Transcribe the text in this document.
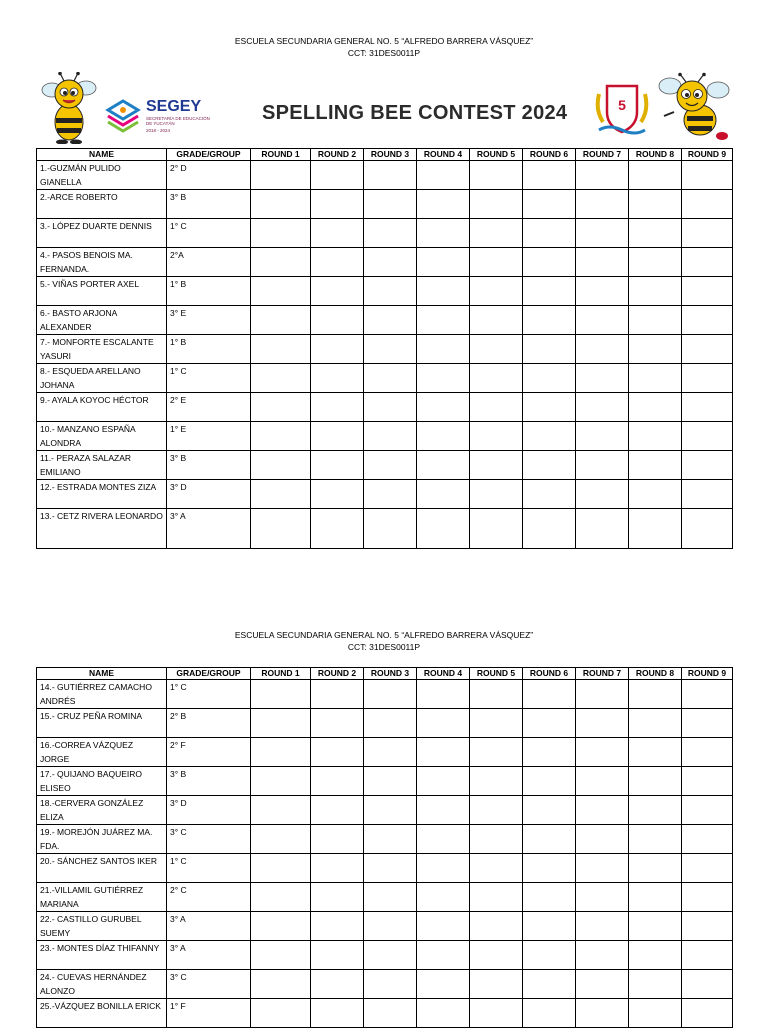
ESCUELA SECUNDARIA GENERAL NO. 5 “ALFREDO BARRERA VÁSQUEZ”
CCT: 31DES0011P
SEGEY
SECRETARÍA DE EDUCACIÓN DE YUCATÁN
2018 - 2024
SPELLING BEE CONTEST 2024	5
NAME	GRADE/GROUP	ROUND 1	ROUND 2	ROUND 3	ROUND 4	ROUND 5	ROUND 6	ROUND 7	ROUND 8	ROUND 9
1.-GUZMÁN PULIDO GIANELLA	2° D									
2.-ARCE ROBERTO	3° B									
3.- LÓPEZ DUARTE DENNIS	1° C									
4.- PASOS BENOIS MA. FERNANDA.	2°A									
5.- VIÑAS PORTER AXEL	1° B									
6.- BASTO ARJONA ALEXANDER	3° E									
7.- MONFORTE ESCALANTE YASURI	1° B									
8.- ESQUEDA ARELLANO JOHANA	1° C									
9.- AYALA KOYOC HÉCTOR	2° E									
10.- MANZANO ESPAÑA ALONDRA	1° E									
11.- PERAZA SALAZAR EMILIANO	3° B									
12.- ESTRADA MONTES ZIZA	3° D									
13.- CETZ RIVERA LEONARDO	3° A									
ESCUELA SECUNDARIA GENERAL NO. 5 “ALFREDO BARRERA VÁSQUEZ”
CCT: 31DES0011P
NAME	GRADE/GROUP	ROUND 1	ROUND 2	ROUND 3	ROUND 4	ROUND 5	ROUND 6	ROUND 7	ROUND 8	ROUND 9
14.- GUTIÉRREZ CAMACHO ANDRÉS	1° C									
15.- CRUZ PEÑA ROMINA	2° B									
16.-CORREA VÁZQUEZ JORGE	2° F									
17.- QUIJANO BAQUEIRO ELISEO	3° B									
18.-CERVERA GONZÁLEZ ELIZA	3° D									
19.- MOREJÓN JUÁREZ MA. FDA.	3° C									
20.- SÁNCHEZ SANTOS IKER	1° C									
21.-VILLAMIL GUTIÉRREZ MARIANA	2° C									
22.- CASTILLO GURUBEL SUEMY	3° A									
23.- MONTES DÍAZ THIFANNY	3° A									
24.- CUEVAS HERNÁNDEZ ALONZO	3° C									
25.-VÁZQUEZ BONILLA ERICK	1° F									
